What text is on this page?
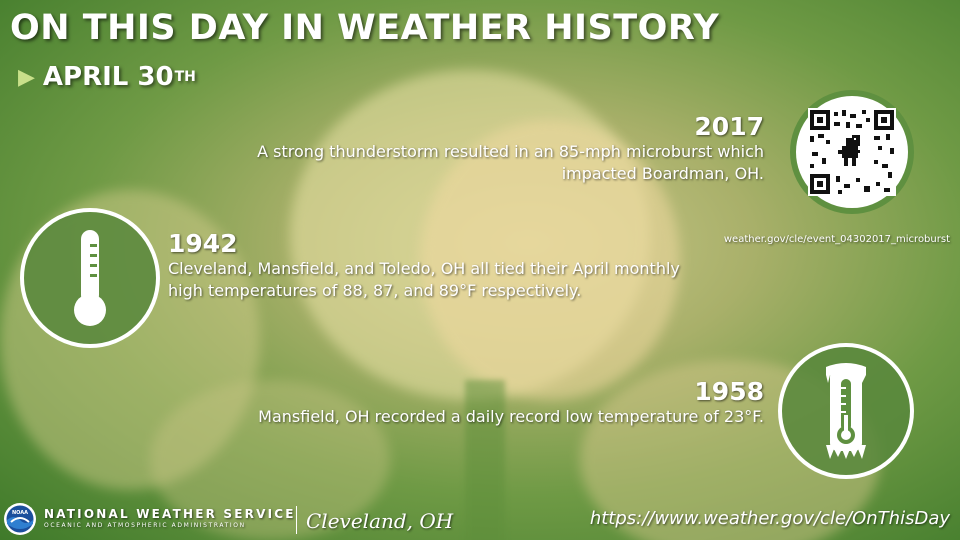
ON THIS DAY IN WEATHER HISTORY
▶ APRIL 30 TH
2017
A strong thunderstorm resulted in an 85-mph microburst which
impacted Boardman, OH.
weather.gov/cle/event_04302017_microburst
1942
Cleveland, Mansfield, and Toledo, OH all tied their April monthly
high temperatures of 88, 87, and 89°F respectively.
1958
Mansfield, OH recorded a daily record low temperature of 23°F.
NOAA NATIONAL WEATHER SERVICE
OCEANIC AND ATMOSPHERIC ADMINISTRATION	Cleveland, OH	https://www.weather.gov/cle/OnThisDay
